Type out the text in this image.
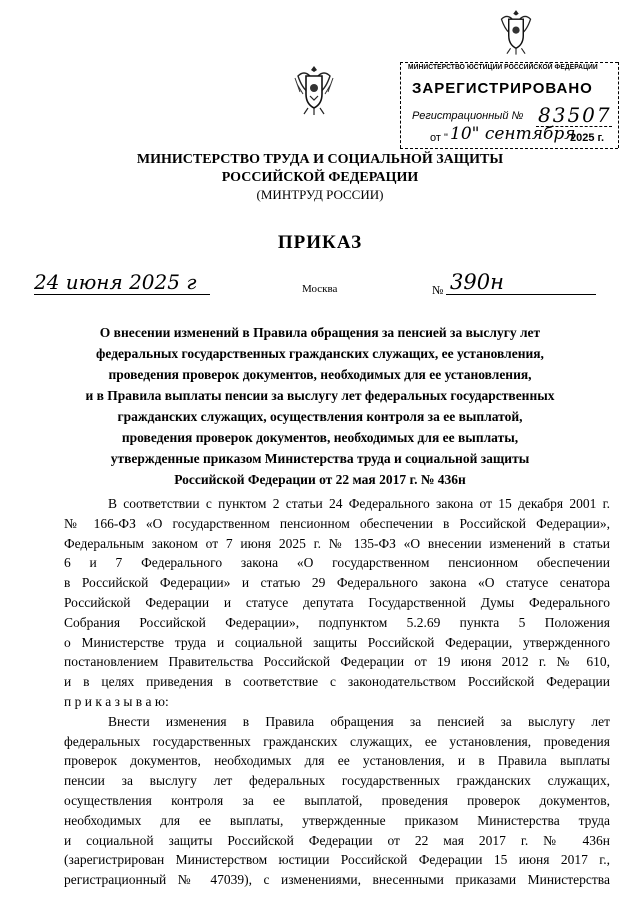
МИНИСТЕРСТВО ЮСТИЦИИ РОССИЙСКОЙ ФЕДЕРАЦИИ
ЗАРЕГИСТРИРОВАНО
Регистрационный № 83507
от " 10" сентября
2025 г.
МИНИСТЕРСТВО ТРУДА И СОЦИАЛЬНОЙ ЗАЩИТЫ
РОССИЙСКОЙ ФЕДЕРАЦИИ
(МИНТРУД РОССИИ)
ПРИКАЗ
24 июня 2025 г	Москва	№ 390н
О внесении изменений в Правила обращения за пенсией за выслугу лет
федеральных государственных гражданских служащих, ее установления,
проведения проверок документов, необходимых для ее установления,
и в Правила выплаты пенсии за выслугу лет федеральных государственных
гражданских служащих, осуществления контроля за ее выплатой,
проведения проверок документов, необходимых для ее выплаты,
утвержденные приказом Министерства труда и социальной защиты
Российской Федерации от 22 мая 2017 г. № 436н
В соответствии с пунктом 2 статьи 24 Федерального закона от 15 декабря 2001 г.
№ 166-ФЗ «О государственном пенсионном обеспечении в Российской Федерации»,
Федеральным законом от 7 июня 2025 г. № 135-ФЗ «О внесении изменений в статьи
6 и 7 Федерального закона «О государственном пенсионном обеспечении
в Российской Федерации» и статью 29 Федерального закона «О статусе сенатора
Российской Федерации и статусе депутата Государственной Думы Федерального
Собрания Российской Федерации», подпунктом 5.2.69 пункта 5 Положения
о Министерстве труда и социальной защиты Российской Федерации, утвержденного
постановлением Правительства Российской Федерации от 19 июня 2012 г. № 610,
и в целях приведения в соответствие с законодательством Российской Федерации
п р и к а з ы в а ю:
Внести изменения в Правила обращения за пенсией за выслугу лет
федеральных государственных гражданских служащих, ее установления, проведения
проверок документов, необходимых для ее установления, и в Правила выплаты
пенсии за выслугу лет федеральных государственных гражданских служащих,
осуществления контроля за ее выплатой, проведения проверок документов,
необходимых для ее выплаты, утвержденные приказом Министерства труда
и социальной защиты Российской Федерации от 22 мая 2017 г. № 436н
(зарегистрирован Министерством юстиции Российской Федерации 15 июня 2017 г.,
регистрационный № 47039), с изменениями, внесенными приказами Министерства
